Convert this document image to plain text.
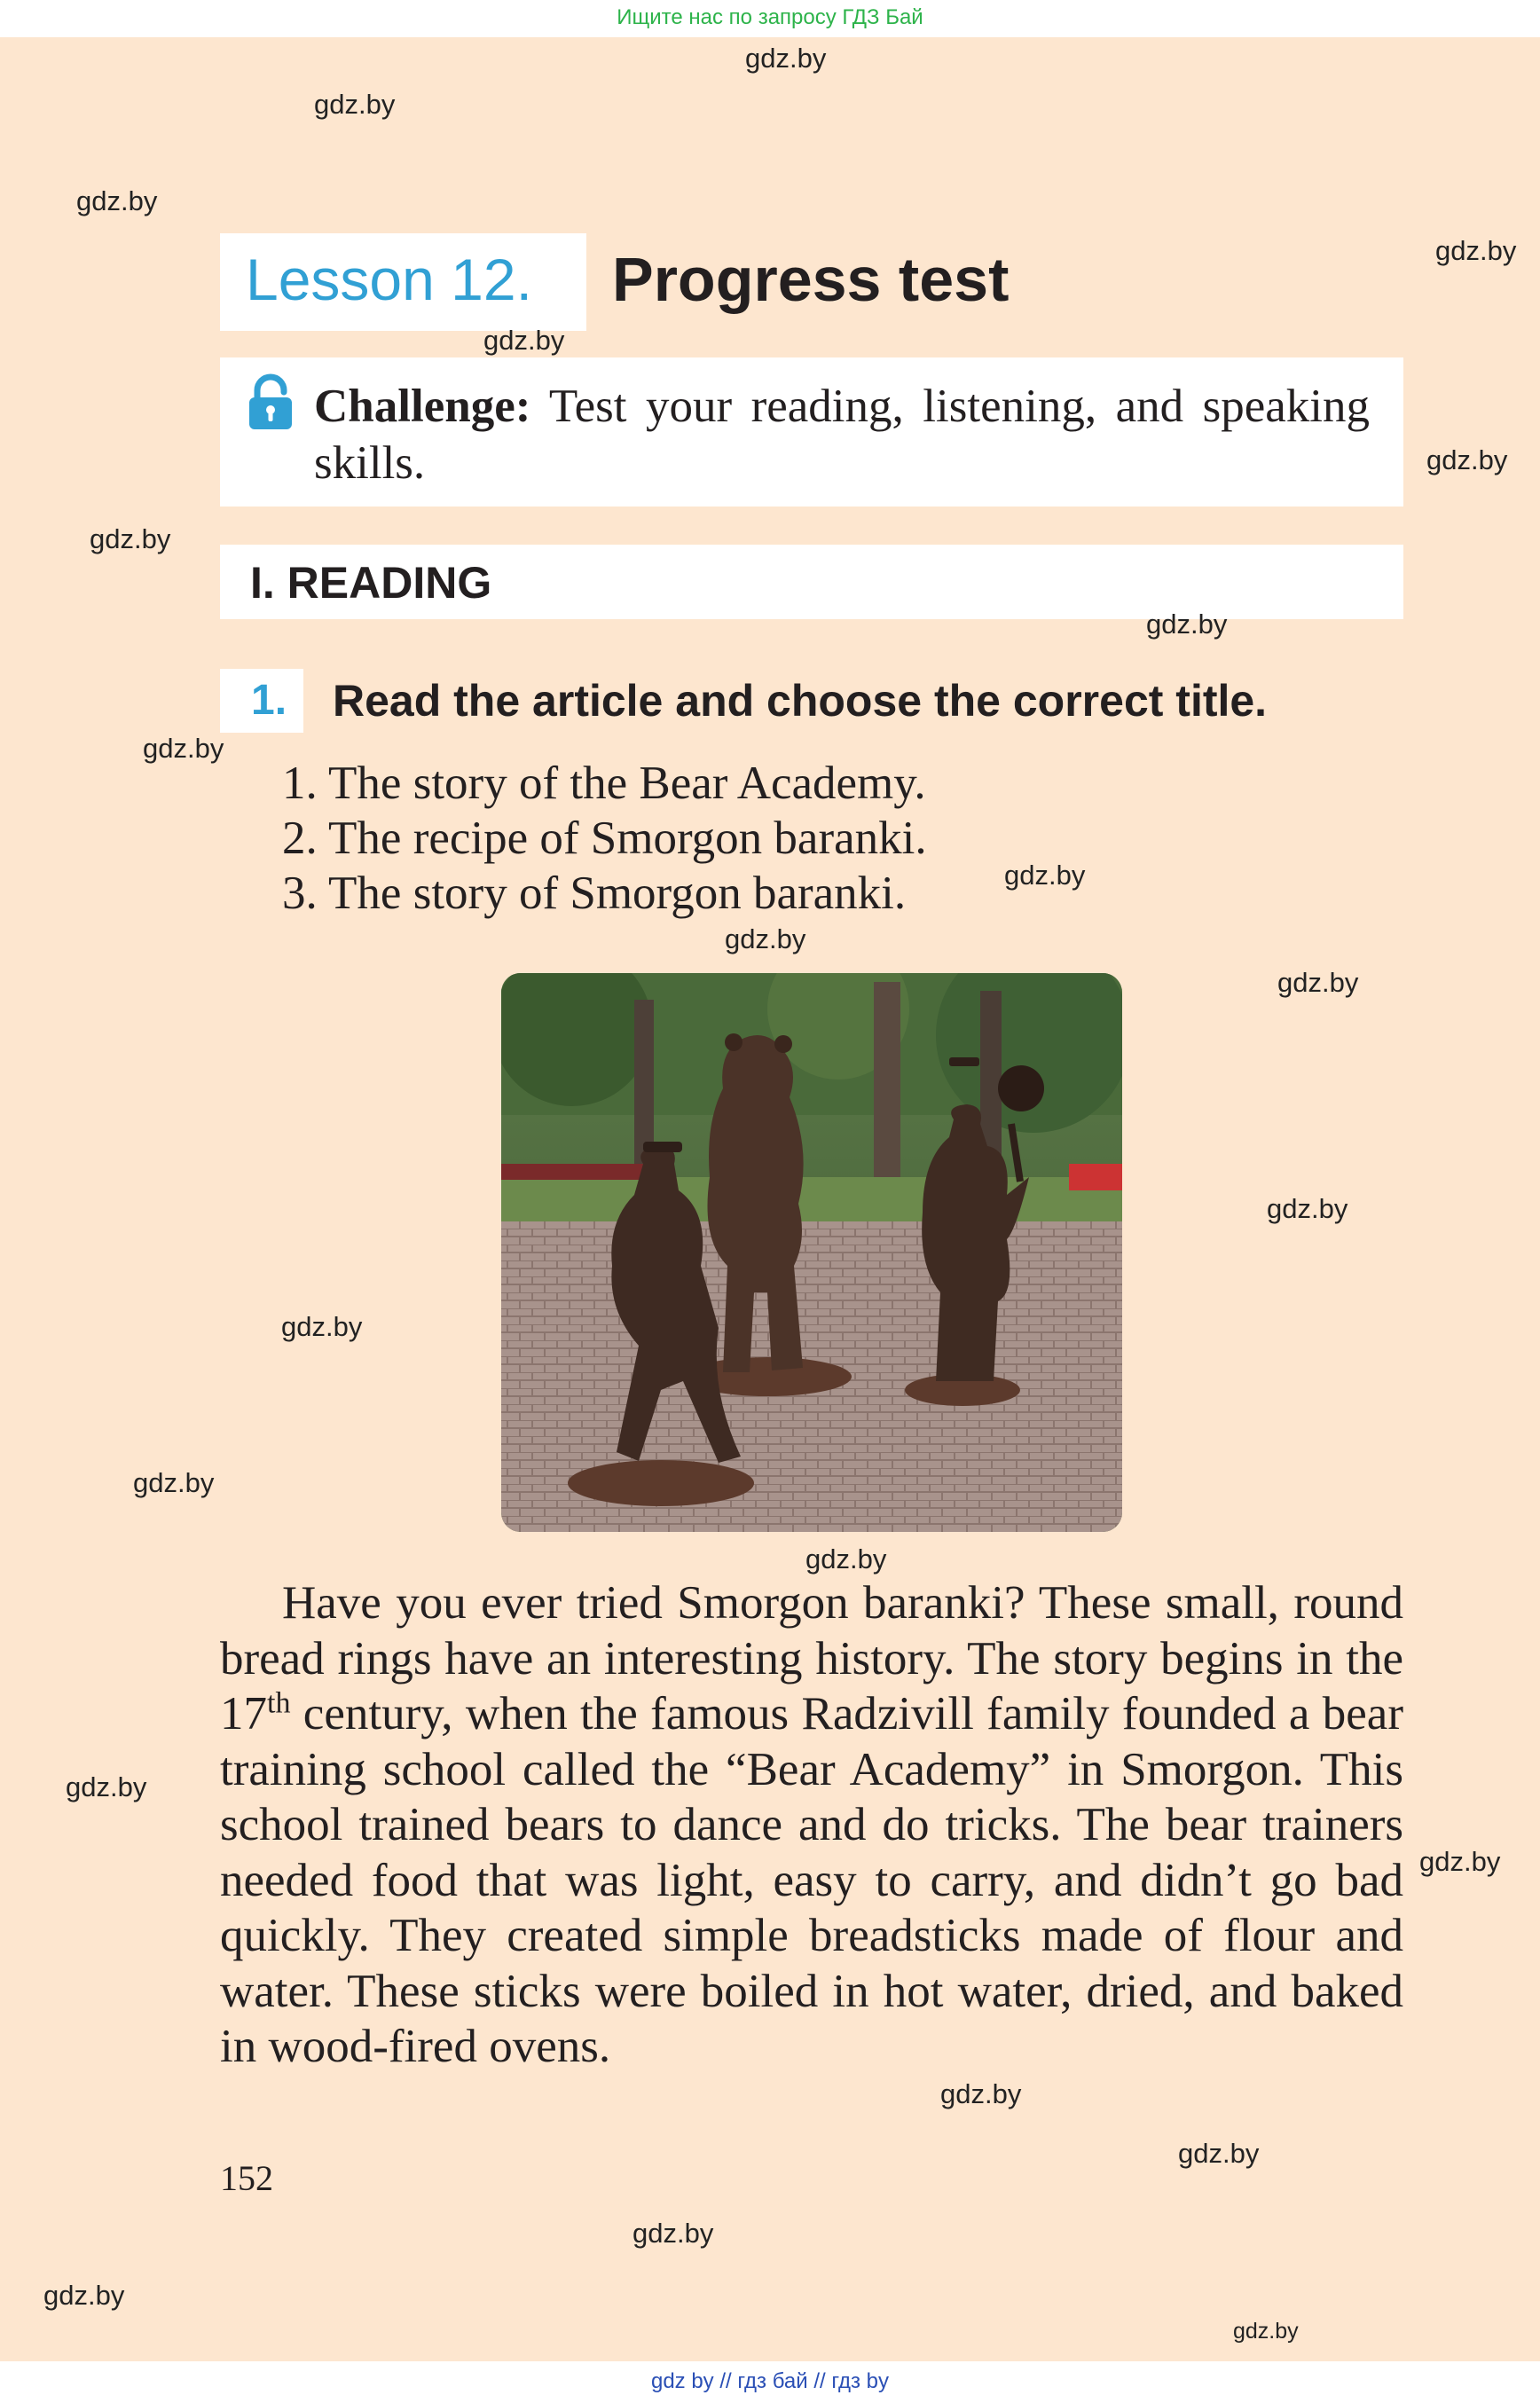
Ищите нас по запросу ГДЗ Бай
Lesson 12. Progress test
Challenge: Test your reading, listening, and speaking skills.
I. READING
1. Read the article and choose the correct title.
1. The story of the Bear Academy.
2. The recipe of Smorgon baranki.
3. The story of Smorgon baranki.

Have you ever tried Smorgon baranki? These small, round bread rings have an interesting history. The story begins in the 17th century, when the famous Radzivill family founded a bear training school called the “Bear Academy” in Smorgon. This school trained bears to dance and do tricks. The bear trainers needed food that was light, easy to carry, and didn’t go bad quickly. They created simple breadsticks made of flour and water. These sticks were boiled in hot water, dried, and baked in wood-fired ovens.

152
gdz.by
gdz.by
gdz.by
gdz.by
gdz.by
gdz.by
gdz.by
gdz.by
gdz.by
gdz.by
gdz.by
gdz.by
gdz.by
gdz.by
gdz.by
gdz.by
gdz.by
gdz.by
gdz.by
gdz.by
gdz.by
gdz.by
gdz.by
gdz by // гдз бай // гдз by
